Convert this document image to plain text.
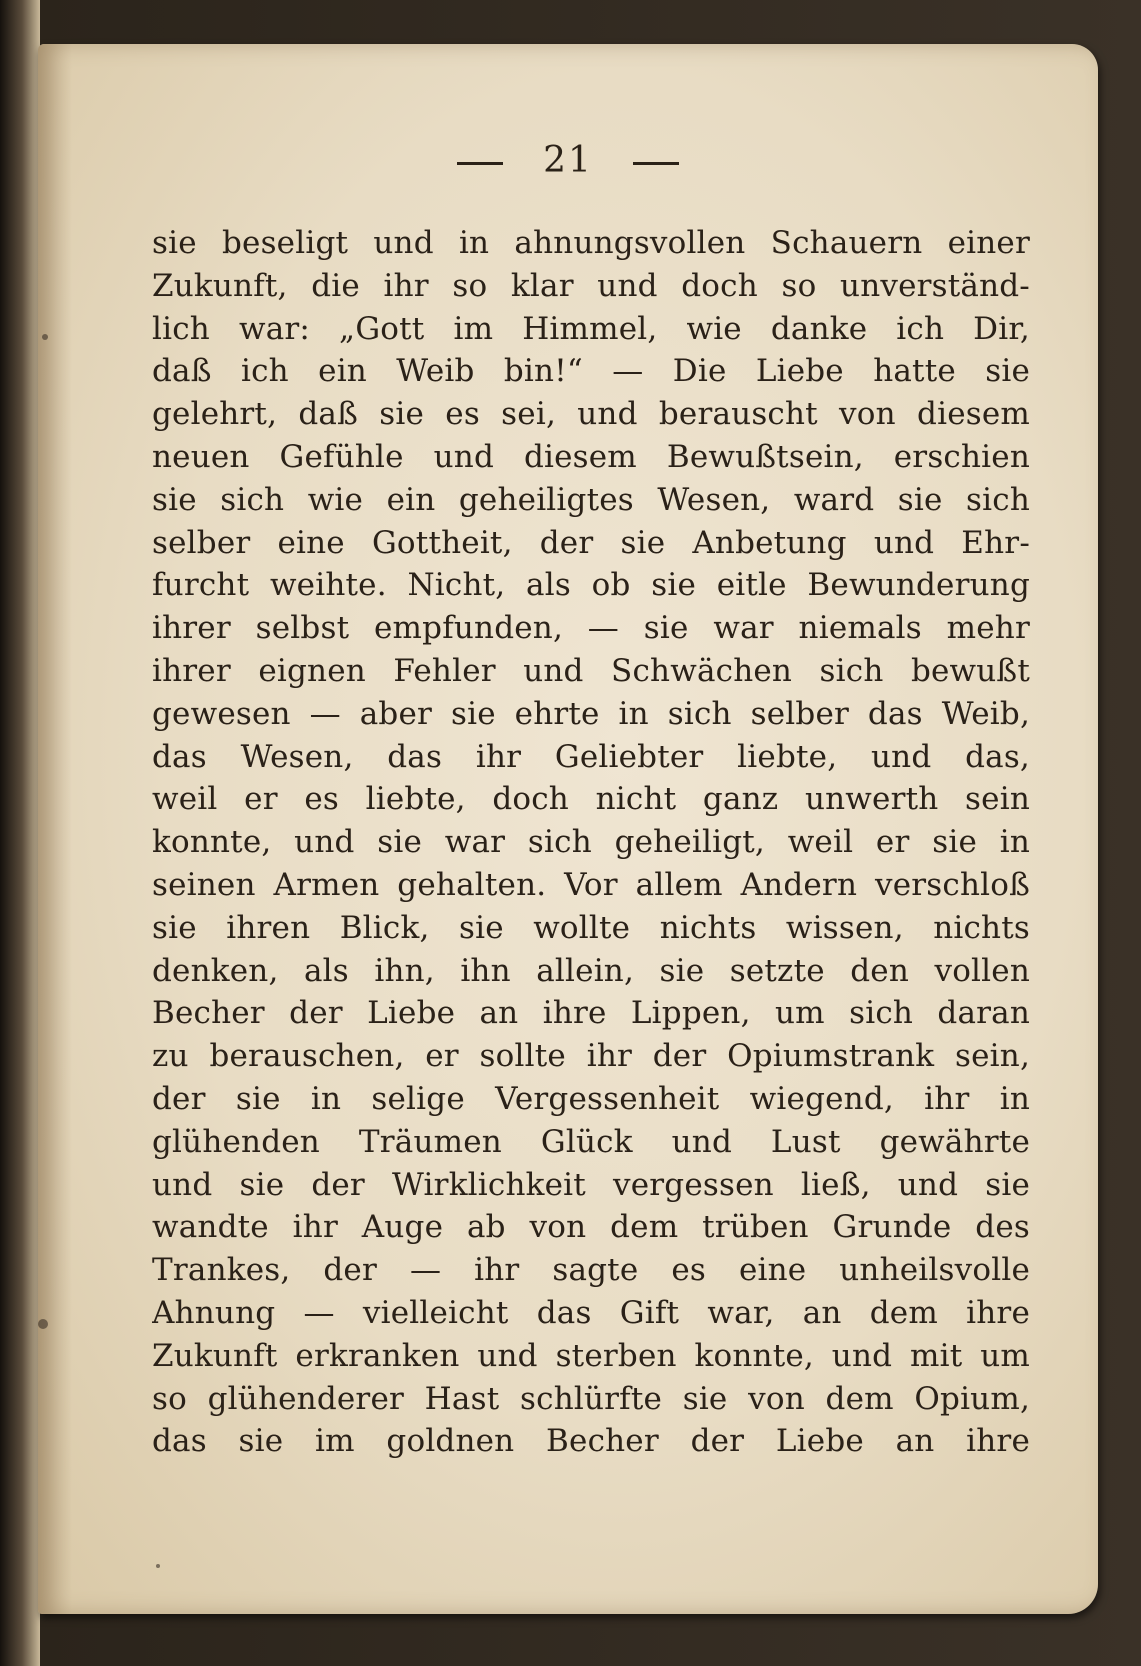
21
sie beseligt und in ahnungsvollen Schauern einer
Zukunft, die ihr so klar und doch so unverständ-
lich war: „Gott im Himmel, wie danke ich Dir,
daß ich ein Weib bin!“ — Die Liebe hatte sie
gelehrt, daß sie es sei, und berauscht von diesem
neuen Gefühle und diesem Bewußtsein, erschien
sie sich wie ein geheiligtes Wesen, ward sie sich
selber eine Gottheit, der sie Anbetung und Ehr-
furcht weihte. Nicht, als ob sie eitle Bewunderung
ihrer selbst empfunden, — sie war niemals mehr
ihrer eignen Fehler und Schwächen sich bewußt
gewesen — aber sie ehrte in sich selber das Weib,
das Wesen, das ihr Geliebter liebte, und das,
weil er es liebte, doch nicht ganz unwerth sein
konnte, und sie war sich geheiligt, weil er sie in
seinen Armen gehalten. Vor allem Andern verschloß
sie ihren Blick, sie wollte nichts wissen, nichts
denken, als ihn, ihn allein, sie setzte den vollen
Becher der Liebe an ihre Lippen, um sich daran
zu berauschen, er sollte ihr der Opiumstrank sein,
der sie in selige Vergessenheit wiegend, ihr in
glühenden Träumen Glück und Lust gewährte
und sie der Wirklichkeit vergessen ließ, und sie
wandte ihr Auge ab von dem trüben Grunde des
Trankes, der — ihr sagte es eine unheilsvolle
Ahnung — vielleicht das Gift war, an dem ihre
Zukunft erkranken und sterben konnte, und mit um
so glühenderer Hast schlürfte sie von dem Opium,
das sie im goldnen Becher der Liebe an ihre
